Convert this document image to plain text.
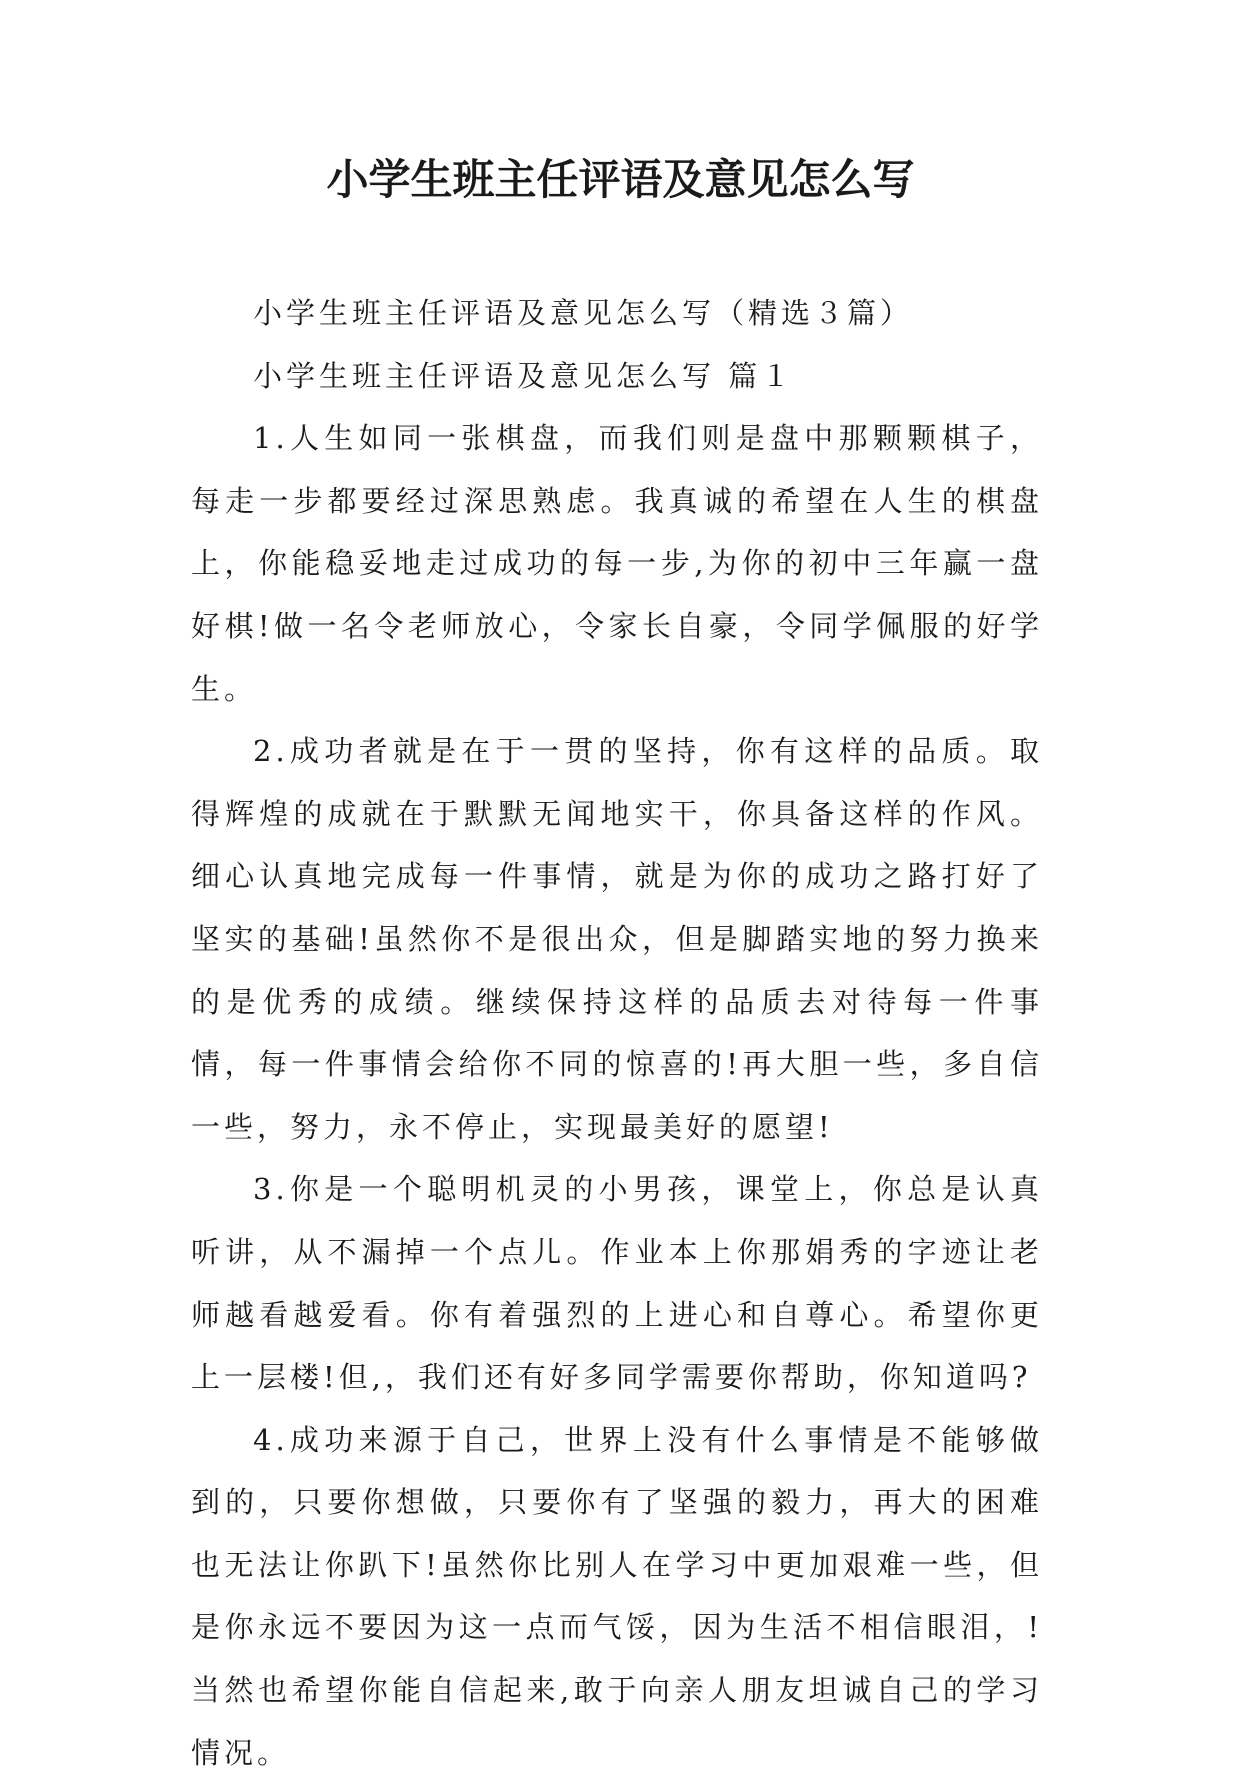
小学生班主任评语及意见怎么写

小学生班主任评语及意见怎么写（精选３篇）

小学生班主任评语及意见怎么写 篇１

1.人生如同一张棋盘，而我们则是盘中那颗颗棋子，每走一步都要经过深思熟虑。我真诚的希望在人生的棋盘上，你能稳妥地走过成功的每一步,为你的初中三年赢一盘好棋!做一名令老师放心，令家长自豪，令同学佩服的好学生。

2.成功者就是在于一贯的坚持，你有这样的品质。取得辉煌的成就在于默默无闻地实干，你具备这样的作风。细心认真地完成每一件事情，就是为你的成功之路打好了坚实的基础!虽然你不是很出众，但是脚踏实地的努力换来的是优秀的成绩。继续保持这样的品质去对待每一件事情，每一件事情会给你不同的惊喜的!再大胆一些，多自信一些，努力，永不停止，实现最美好的愿望!

3.你是一个聪明机灵的小男孩，课堂上，你总是认真听讲，从不漏掉一个点儿。作业本上你那娟秀的字迹让老师越看越爱看。你有着强烈的上进心和自尊心。希望你更上一层楼!但,，我们还有好多同学需要你帮助，你知道吗?

4.成功来源于自己，世界上没有什么事情是不能够做到的，只要你想做，只要你有了坚强的毅力，再大的困难也无法让你趴下!虽然你比别人在学习中更加艰难一些，但是你永远不要因为这一点而气馁，因为生活不相信眼泪，!当然也希望你能自信起来,敢于向亲人朋友坦诚自己的学习情况。
